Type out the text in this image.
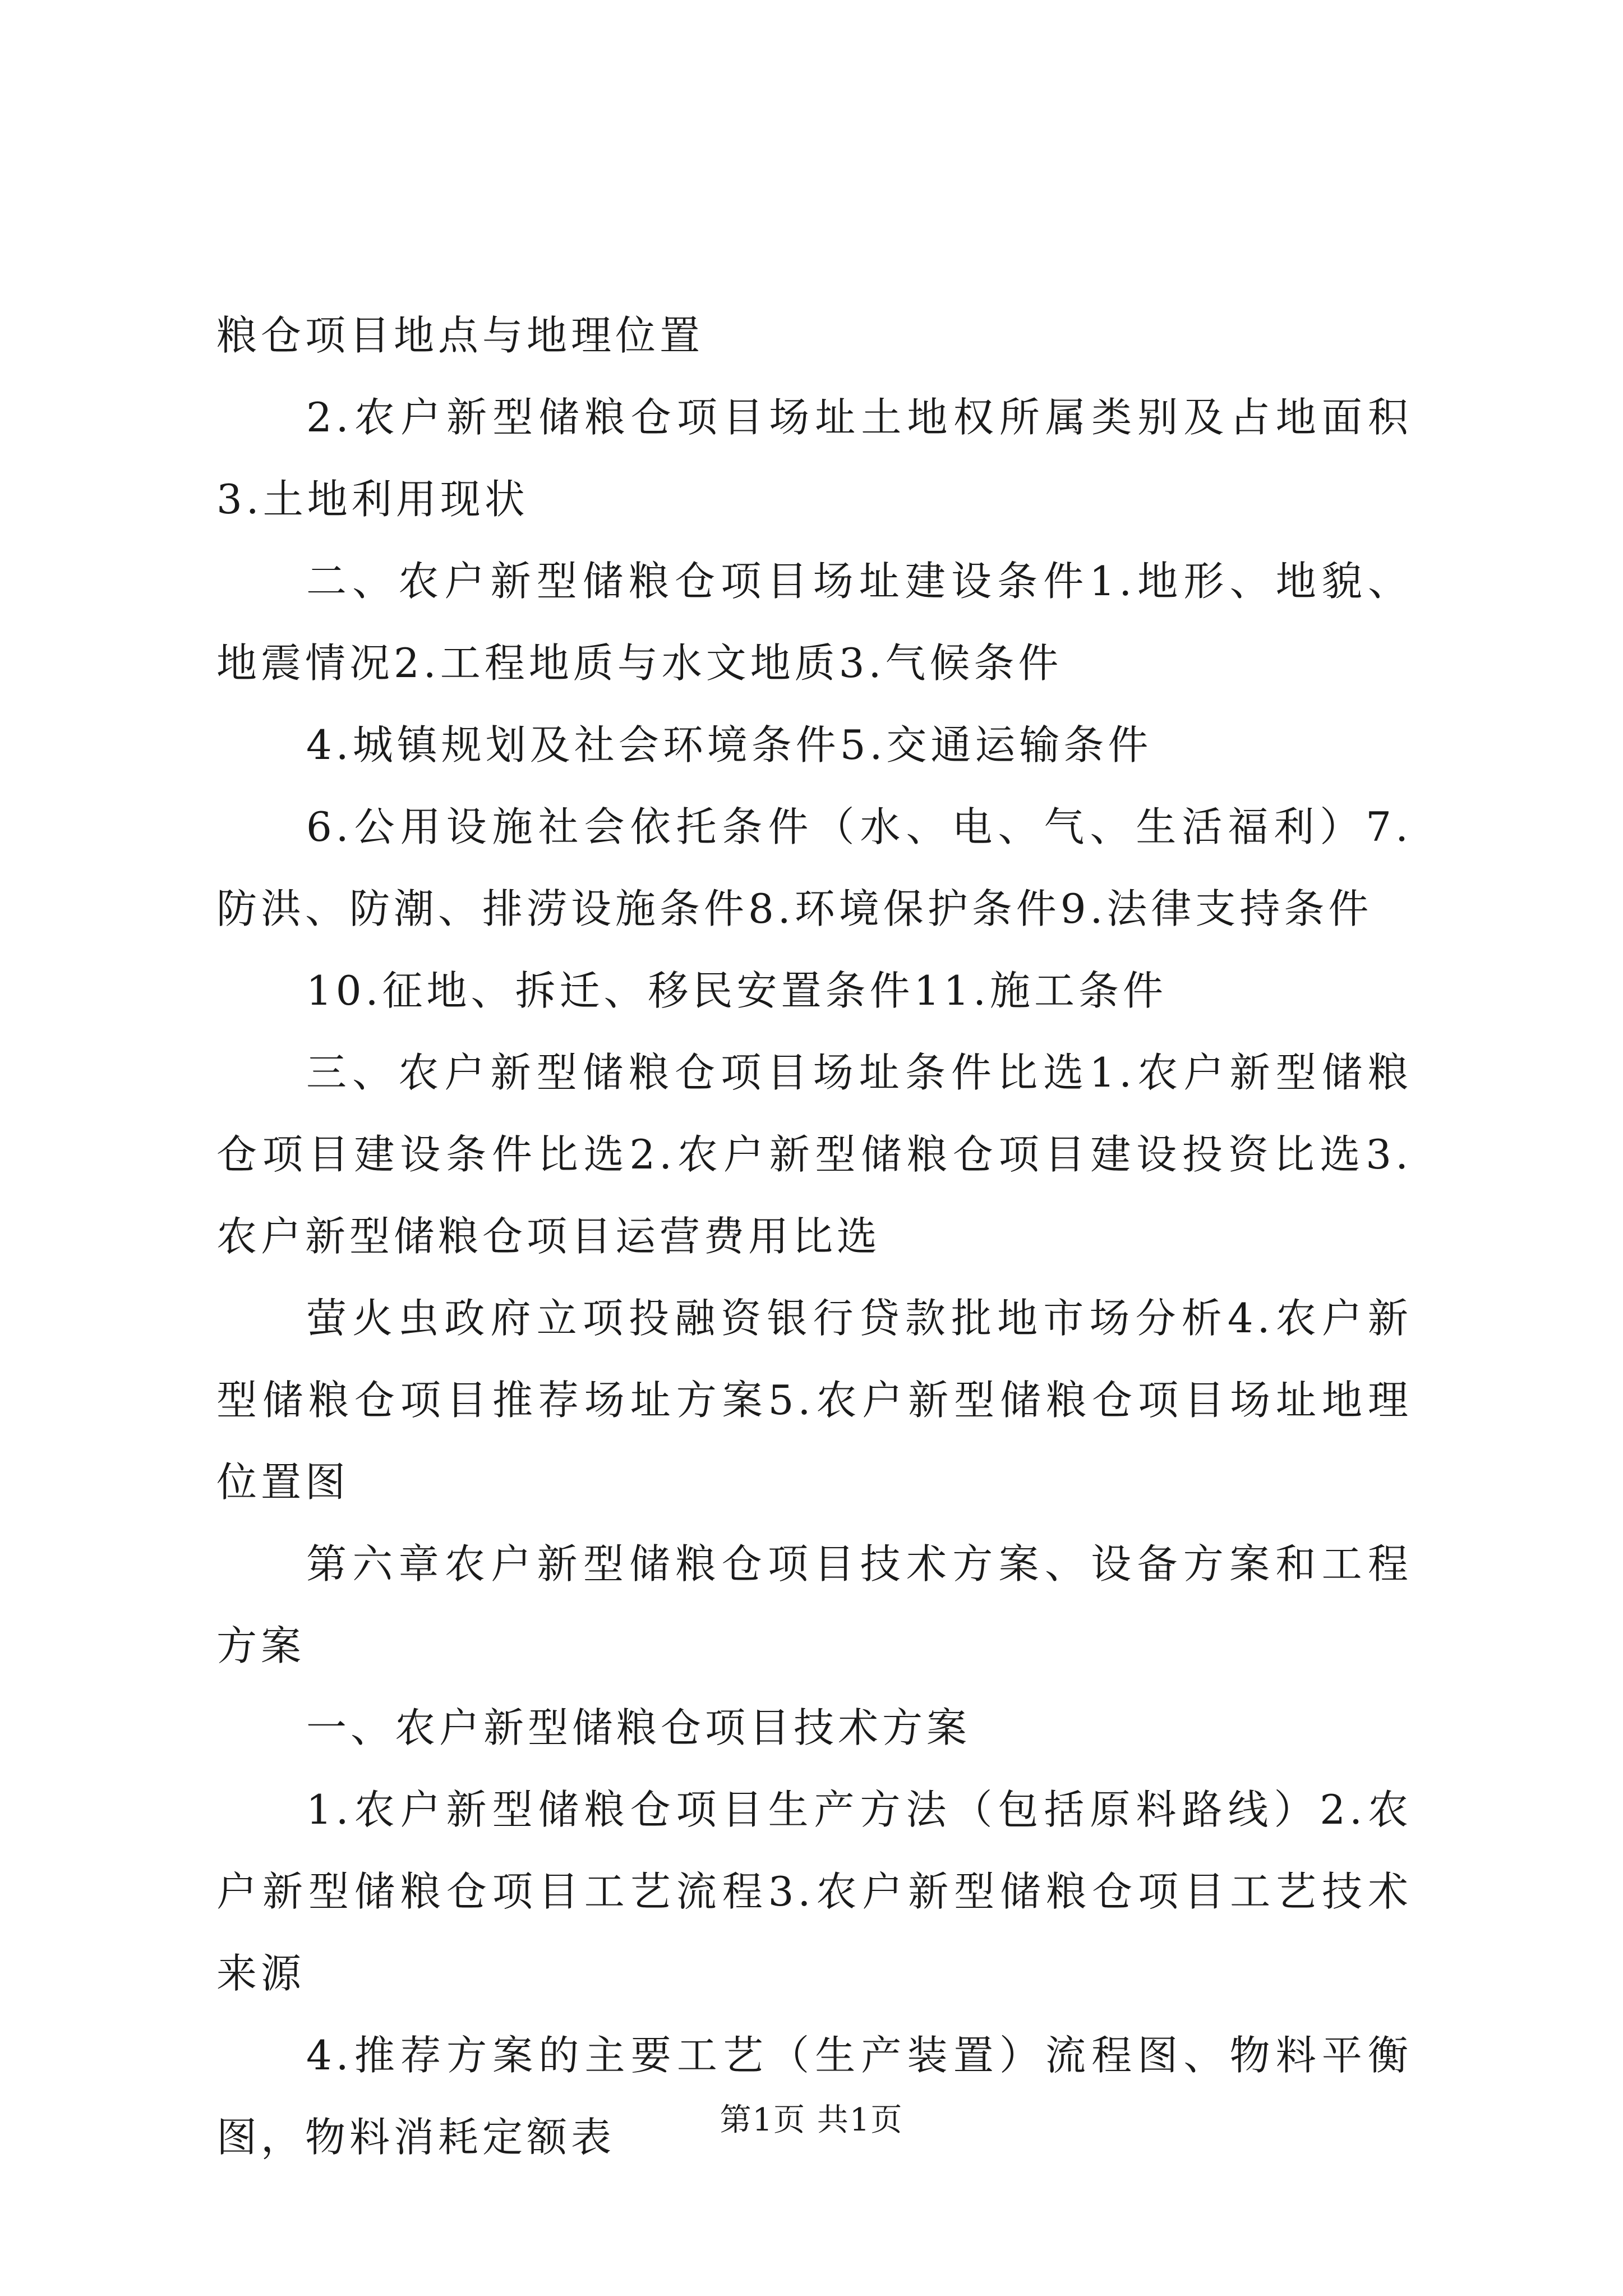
粮仓项目地点与地理位置

2.农户新型储粮仓项目场址土地权所属类别及占地面积3.土地利用现状

二、农户新型储粮仓项目场址建设条件1.地形、地貌、地震情况2.工程地质与水文地质3.气候条件

4.城镇规划及社会环境条件5.交通运输条件

6.公用设施社会依托条件（水、电、气、生活福利）7.防洪、防潮、排涝设施条件8.环境保护条件9.法律支持条件

10.征地、拆迁、移民安置条件11.施工条件

三、农户新型储粮仓项目场址条件比选1.农户新型储粮仓项目建设条件比选2.农户新型储粮仓项目建设投资比选3.农户新型储粮仓项目运营费用比选

萤火虫政府立项投融资银行贷款批地市场分析4.农户新型储粮仓项目推荐场址方案5.农户新型储粮仓项目场址地理位置图

第六章农户新型储粮仓项目技术方案、设备方案和工程方案

一、农户新型储粮仓项目技术方案

1.农户新型储粮仓项目生产方法（包括原料路线）2.农户新型储粮仓项目工艺流程3.农户新型储粮仓项目工艺技术来源

4.推荐方案的主要工艺（生产装置）流程图、物料平衡图，物料消耗定额表	第1页 共1页
